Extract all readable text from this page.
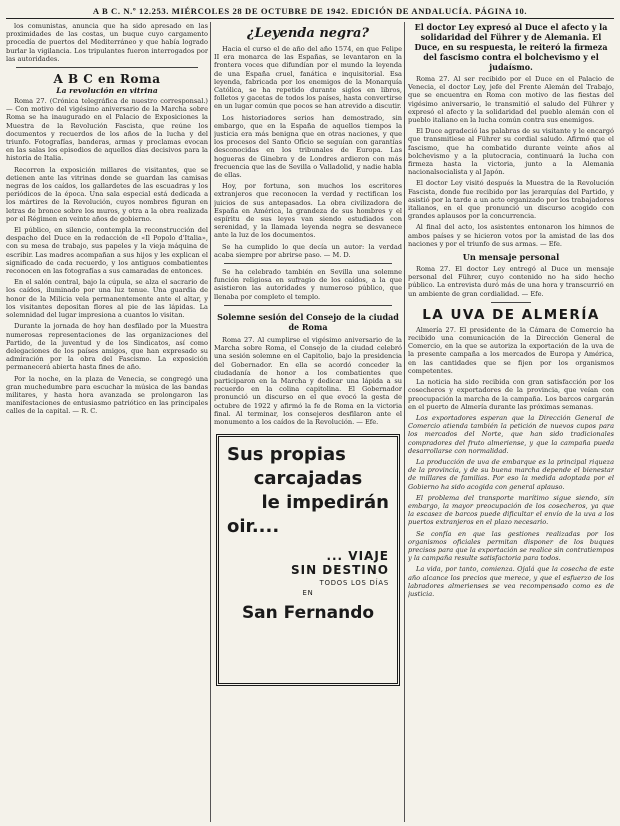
A B C. N.º 12.253. MIÉRCOLES 28 DE OCTUBRE DE 1942. EDICIÓN DE ANDALUCÍA. PÁGINA 10.

los comunistas, anuncia que ha sido apresado en las proximidades de las costas, un buque cuyo cargamento procedía de puertos del Mediterráneo y que había logrado burlar la vigilancia. Los tripulantes fueron interrogados por las autoridades.

A B C en Roma
La revolución en vitrina

Roma 27. (Crónica telegráfica de nuestro corresponsal.) — Con motivo del vigésimo aniversario de la Marcha sobre Roma se ha inaugurado en el Palacio de Exposiciones la Muestra de la Revolución Fascista, que reúne los documentos y recuerdos de los años de la lucha y del triunfo. Fotografías, banderas, armas y proclamas evocan en las salas los episodios de aquellos días decisivos para la historia de Italia.

Recorren la exposición millares de visitantes, que se detienen ante las vitrinas donde se guardan las camisas negras de los caídos, los gallardetes de las escuadras y los periódicos de la época. Una sala especial está dedicada a los mártires de la Revolución, cuyos nombres figuran en letras de bronce sobre los muros, y otra a la obra realizada por el Régimen en veinte años de gobierno.

El público, en silencio, contempla la reconstrucción del despacho del Duce en la redacción de «Il Popolo d'Italia», con su mesa de trabajo, sus papeles y la vieja máquina de escribir. Las madres acompañan a sus hijos y les explican el significado de cada recuerdo, y los antiguos combatientes reconocen en las fotografías a sus camaradas de entonces.

En el salón central, bajo la cúpula, se alza el sacrario de los caídos, iluminado por una luz tenue. Una guardia de honor de la Milicia vela permanentemente ante el altar, y los visitantes depositan flores al pie de las lápidas. La solemnidad del lugar impresiona a cuantos lo visitan.

Durante la jornada de hoy han desfilado por la Muestra numerosas representaciones de las organizaciones del Partido, de la juventud y de los Sindicatos, así como delegaciones de los países amigos, que han expresado su admiración por la obra del Fascismo. La exposición permanecerá abierta hasta fines de año.

Por la noche, en la plaza de Venecia, se congregó una gran muchedumbre para escuchar la música de las bandas militares, y hasta hora avanzada se prolongaron las manifestaciones de entusiasmo patriótico en las principales calles de la capital. — R. C.

¿Leyenda negra?

Hacia el curso el de año del año 1574, en que Felipe II era monarca de las Españas, se levantaron en la frontera voces que difundían por el mundo la leyenda de una España cruel, fanática e inquisitorial. Esa leyenda, fabricada por los enemigos de la Monarquía Católica, se ha repetido durante siglos en libros, folletos y gacetas de todos los países, hasta convertirse en un lugar común que pocos se han atrevido a discutir.

Los historiadores serios han demostrado, sin embargo, que en la España de aquellos tiempos la justicia era más benigna que en otras naciones, y que los procesos del Santo Oficio se seguían con garantías desconocidas en los tribunales de Europa. Las hogueras de Ginebra y de Londres ardieron con más frecuencia que las de Sevilla o Valladolid, y nadie habla de ellas.

Hoy, por fortuna, son muchos los escritores extranjeros que reconocen la verdad y rectifican los juicios de sus antepasados. La obra civilizadora de España en América, la grandeza de sus hombres y el espíritu de sus leyes van siendo estudiados con serenidad, y la llamada leyenda negra se desvanece ante la luz de los documentos.

Se ha cumplido lo que decía un autor: la verdad acaba siempre por abrirse paso. — M. D.

Se ha celebrado también en Sevilla una solemne función religiosa en sufragio de los caídos, a la que asistieron las autoridades y numeroso público, que llenaba por completo el templo.

Solemne sesión del Consejo de la ciudad de Roma

Roma 27. Al cumplirse el vigésimo aniversario de la Marcha sobre Roma, el Consejo de la ciudad celebró una sesión solemne en el Capitolio, bajo la presidencia del Gobernador. En ella se acordó conceder la ciudadanía de honor a los combatientes que participaron en la Marcha y dedicar una lápida a su recuerdo en la colina capitolina. El Gobernador pronunció un discurso en el que evocó la gesta de octubre de 1922 y afirmó la fe de Roma en la victoria final. Al terminar, los consejeros desfilaron ante el monumento a los caídos de la Revolución. — Efe.

Sus propias
carcajadas
le impedirán
oir....
... VIAJE
SIN DESTINO
TODOS LOS DÍAS
EN
San Fernando
El doctor Ley expresó al Duce el afecto y la solidaridad del Führer y de Alemania. El Duce, en su respuesta, le reiteró la firmeza del fascismo contra el bolchevismo y el judaísmo.

Roma 27. Al ser recibido por el Duce en el Palacio de Venecia, el doctor Ley, jefe del Frente Alemán del Trabajo, que se encuentra en Roma con motivo de las fiestas del vigésimo aniversario, le transmitió el saludo del Führer y expresó el afecto y la solidaridad del pueblo alemán con el pueblo italiano en la lucha común contra sus enemigos.

El Duce agradeció las palabras de su visitante y le encargó que transmitiese al Führer su cordial saludo. Afirmó que el fascismo, que ha combatido durante veinte años al bolchevismo y a la plutocracia, continuará la lucha con firmeza hasta la victoria, junto a la Alemania nacionalsocialista y al Japón.

El doctor Ley visitó después la Muestra de la Revolución Fascista, donde fue recibido por las jerarquías del Partido, y asistió por la tarde a un acto organizado por los trabajadores italianos, en el que pronunció un discurso acogido con grandes aplausos por la concurrencia.

Al final del acto, los asistentes entonaron los himnos de ambos países y se hicieron votos por la amistad de las dos naciones y por el triunfo de sus armas. — Efe.

Un mensaje personal

Roma 27. El doctor Ley entregó al Duce un mensaje personal del Führer, cuyo contenido no ha sido hecho público. La entrevista duró más de una hora y transcurrió en un ambiente de gran cordialidad. — Efe.

LA UVA DE ALMERÍA

Almería 27. El presidente de la Cámara de Comercio ha recibido una comunicación de la Dirección General de Comercio, en la que se autoriza la exportación de la uva de la presente campaña a los mercados de Europa y América, en las cantidades que se fijen por los organismos competentes.

La noticia ha sido recibida con gran satisfacción por los cosecheros y exportadores de la provincia, que veían con preocupación la marcha de la campaña. Los barcos cargarán en el puerto de Almería durante las próximas semanas.

Los exportadores esperan que la Dirección General de Comercio atienda también la petición de nuevos cupos para los mercados del Norte, que han sido tradicionales compradores del fruto almeriense, y que la campaña pueda desarrollarse con normalidad.

La producción de uva de embarque es la principal riqueza de la provincia, y de su buena marcha depende el bienestar de millares de familias. Por eso la medida adoptada por el Gobierno ha sido acogida con general aplauso.

El problema del transporte marítimo sigue siendo, sin embargo, la mayor preocupación de los cosecheros, ya que la escasez de barcos puede dificultar el envío de la uva a los puertos extranjeros en el plazo necesario.

Se confía en que las gestiones realizadas por los organismos oficiales permitan disponer de los buques precisos para que la exportación se realice sin contratiempos y la campaña resulte satisfactoria para todos.

La vida, por tanto, comienza. Ojalá que la cosecha de este año alcance los precios que merece, y que el esfuerzo de los labradores almerienses se vea recompensado como es de justicia.
